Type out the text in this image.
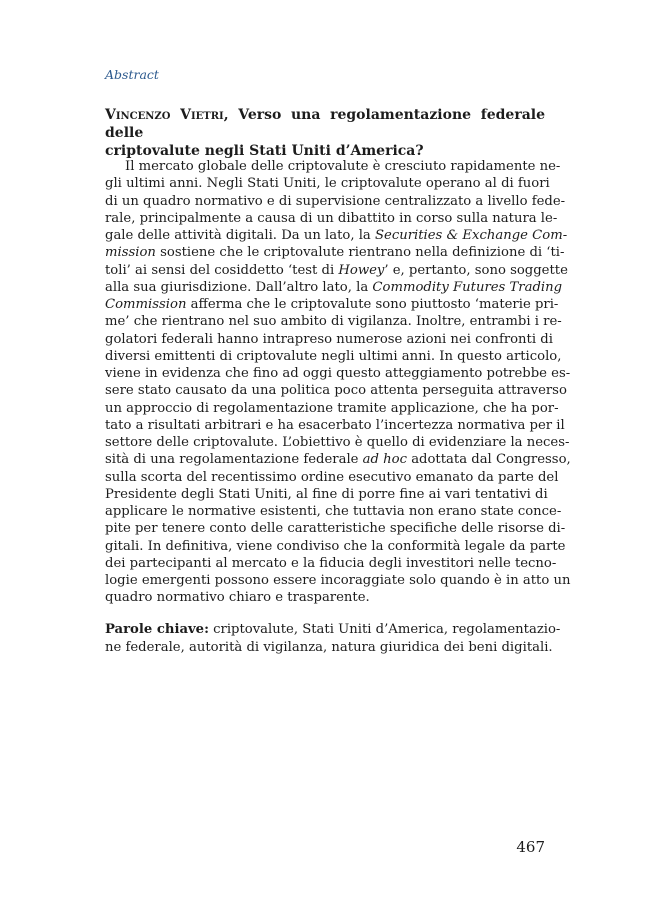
Abstract

Vincenzo Vietri, Verso una regolamentazione federale delle
criptovalute negli Stati Uniti d’America?
Il mercato globale delle criptovalute è cresciuto rapidamente ne-
gli ultimi anni. Negli Stati Uniti, le criptovalute operano al di fuori
di un quadro normativo e di supervisione centralizzato a livello fede-
rale, principalmente a causa di un dibattito in corso sulla natura le-
gale delle attività digitali. Da un lato, la Securities & Exchange Com-
mission sostiene che le criptovalute rientrano nella definizione di ‘ti-
toli’ ai sensi del cosiddetto ‘test di Howey’ e, pertanto, sono soggette
alla sua giurisdizione. Dall’altro lato, la Commodity Futures Trading
Commission afferma che le criptovalute sono piuttosto ‘materie pri-
me’ che rientrano nel suo ambito di vigilanza. Inoltre, entrambi i re-
golatori federali hanno intrapreso numerose azioni nei confronti di
diversi emittenti di criptovalute negli ultimi anni. In questo articolo,
viene in evidenza che fino ad oggi questo atteggiamento potrebbe es-
sere stato causato da una politica poco attenta perseguita attraverso
un approccio di regolamentazione tramite applicazione, che ha por-
tato a risultati arbitrari e ha esacerbato l’incertezza normativa per il
settore delle criptovalute. L’obiettivo è quello di evidenziare la neces-
sità di una regolamentazione federale ad hoc adottata dal Congresso,
sulla scorta del recentissimo ordine esecutivo emanato da parte del
Presidente degli Stati Uniti, al fine di porre fine ai vari tentativi di
applicare le normative esistenti, che tuttavia non erano state conce-
pite per tenere conto delle caratteristiche specifiche delle risorse di-
gitali. In definitiva, viene condiviso che la conformità legale da parte
dei partecipanti al mercato e la fiducia degli investitori nelle tecno-
logie emergenti possono essere incoraggiate solo quando è in atto un
quadro normativo chiaro e trasparente.
Parole chiave: criptovalute, Stati Uniti d’America, regolamentazio-
ne federale, autorità di vigilanza, natura giuridica dei beni digitali.

467
